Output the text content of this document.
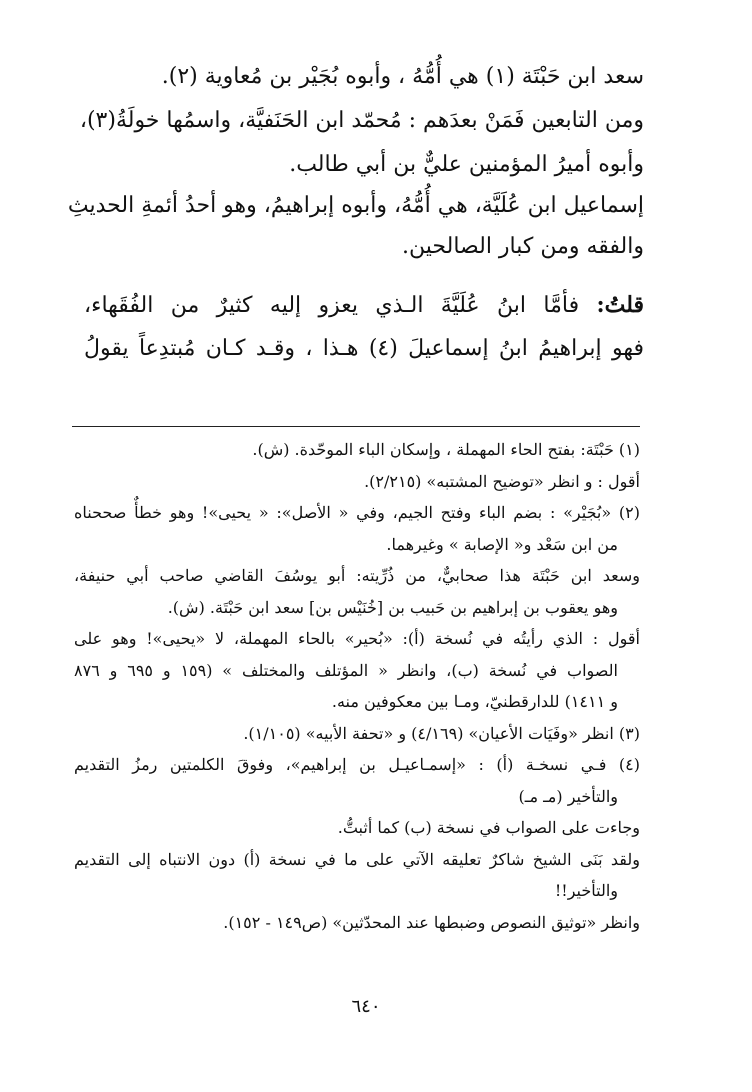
سعد ابن حَبْتَة (١) هي أُمُّهُ ، وأبوه بُجَيْر بن مُعاوية (٢).
ومن التابعين فَمَنْ بعدَهم : مُحمّد ابن الحَنَفيَّة، واسمُها خولَةُ(٣)،
وأبوه أميرُ المؤمنين عليٌّ بن أبي طالب.
إسماعيل ابن عُلَيَّة، هي أُمُّهُ، وأبوه إبراهيمُ، وهو أحدُ أئمةِ الحديثِ
والفقه ومن كبار الصالحين.
قلتُ: فأمَّا ابنُ عُلَيَّةَ الـذي يعزو إليه كثيرٌ من الفُقَهاء،
فهو إبراهيمُ ابنُ إسماعيلَ (٤) هـذا ، وقـد كـان مُبتدِعاً يقولُ
(١) حَبْتَة: بفتح الحاء المهملة ، وإسكان الباء الموحّدة. (ش).
أقول : و انظر «توضيح المشتبه» (٢/٢١٥).
(٢) «بُجَيْر» : بضم الباء وفتح الجيم، وفي « الأصل»: « يحيى»! وهو خطأٌ صححناه
من ابن سَعْد و« الإصابة » وغيرهما.
وسعد ابن حَبْتَة هذا صحابيٌّ، من ذُرِّيته: أبو يوسُفَ القاضي صاحب أبي حنيفة،
وهو يعقوب بن إبراهيم بن حَبيب بن [خُنَيْس بن] سعد ابن حَبْتَة. (ش).
أقول : الذي رأيتُه في نُسخة (أ): «بُحير» بالحاء المهملة، لا «يحيى»! وهو على
الصواب في نُسخة (ب)، وانظر « المؤتلف والمختلف » (١٥٩ و ٦٩٥ و ٨٧٦
و ١٤١١) للدارقطنيّ، ومـا بين معكوفين منه.
(٣) انظر «وفَيَات الأعيان» (٤/١٦٩) و «تحفة الأبيه» (١/١٠٥).
(٤) فـي نسخـة (أ) : «إسمـاعيـل بن إبراهيم»، وفوقَ الكلمتين رمزُ التقديم
والتأخير (مـ مـ)
وجاءت على الصواب في نسخة (ب) كما أثبتُّ.
ولقد بَنَى الشيخ شاكرٌ تعليقه الآتي على ما في نسخة (أ) دون الانتباه إلى التقديم
والتأخير!!
وانظر «توثيق النصوص وضبطها عند المحدّثين» (ص١٤٩ - ١٥٢).
٦٤٠
